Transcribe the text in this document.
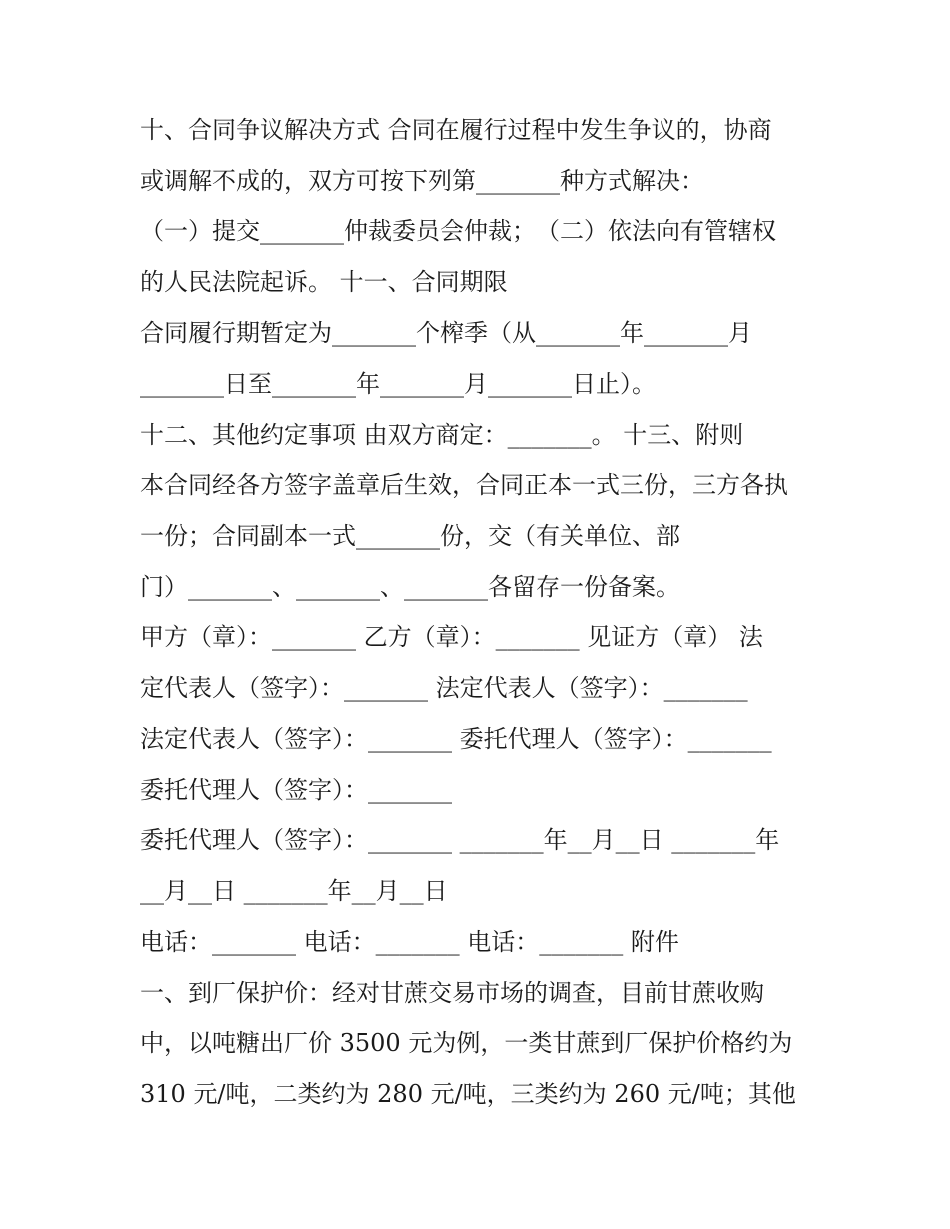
十、合同争议解决方式 合同在履行过程中发生争议的，协商
或调解不成的，双方可按下列第_______种方式解决：
（一）提交_______仲裁委员会仲裁；　（二）依法向有管辖权
的人民法院起诉。 十一、合同期限
合同履行期暂定为_______个榨季（从_______年_______月
_______日至_______年_______月_______日止）。
十二、其他约定事项 由双方商定：_______。 十三、附则
本合同经各方签字盖章后生效，合同正本一式三份，三方各执
一份；合同副本一式_______份，交（有关单位、部
门）_______、_______、_______各留存一份备案。
甲方（章）：_______ 乙方（章）：_______ 见证方（章） 法
定代表人（签字）：_______ 法定代表人（签字）：_______
法定代表人（签字）：_______ 委托代理人（签字）：_______
委托代理人（签字）：_______
委托代理人（签字）：_______ _______年__月__日 _______年
__月__日 _______年__月__日
电话：_______ 电话：_______ 电话：_______ 附件
一、到厂保护价：经对甘蔗交易市场的调查，目前甘蔗收购
中，以吨糖出厂价 3500 元为例，一类甘蔗到厂保护价格约为
310 元/吨，二类约为 280 元/吨，三类约为 260 元/吨；其他
